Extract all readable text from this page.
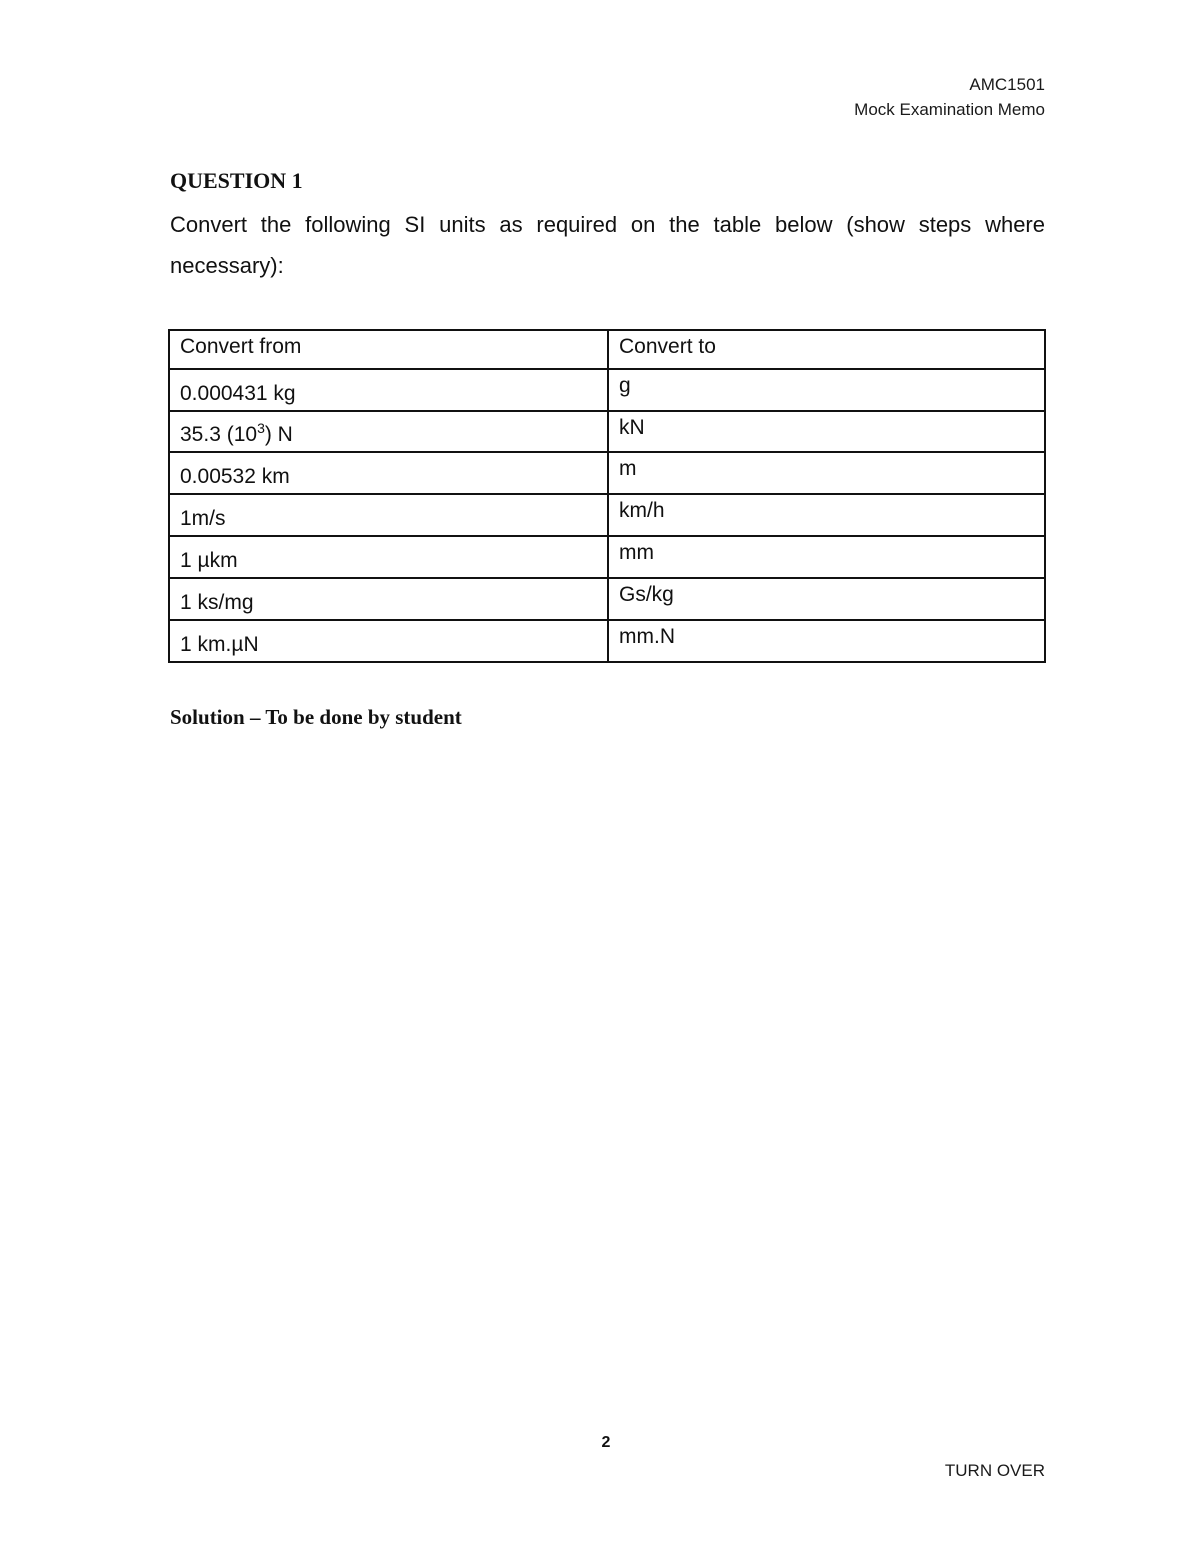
AMC1501
Mock Examination Memo
QUESTION 1

Convert the following SI units as required on the table below (show steps where necessary):

Convert from	Convert to
0.000431 kg	g
35.3 $(10^3)$ N	kN
0.00532 km	m
1m/s	km/h
1 µkm	mm
1 ks/mg	Gs/kg
1 km.µN	mm.N

Solution – To be done by student

2
TURN OVER
